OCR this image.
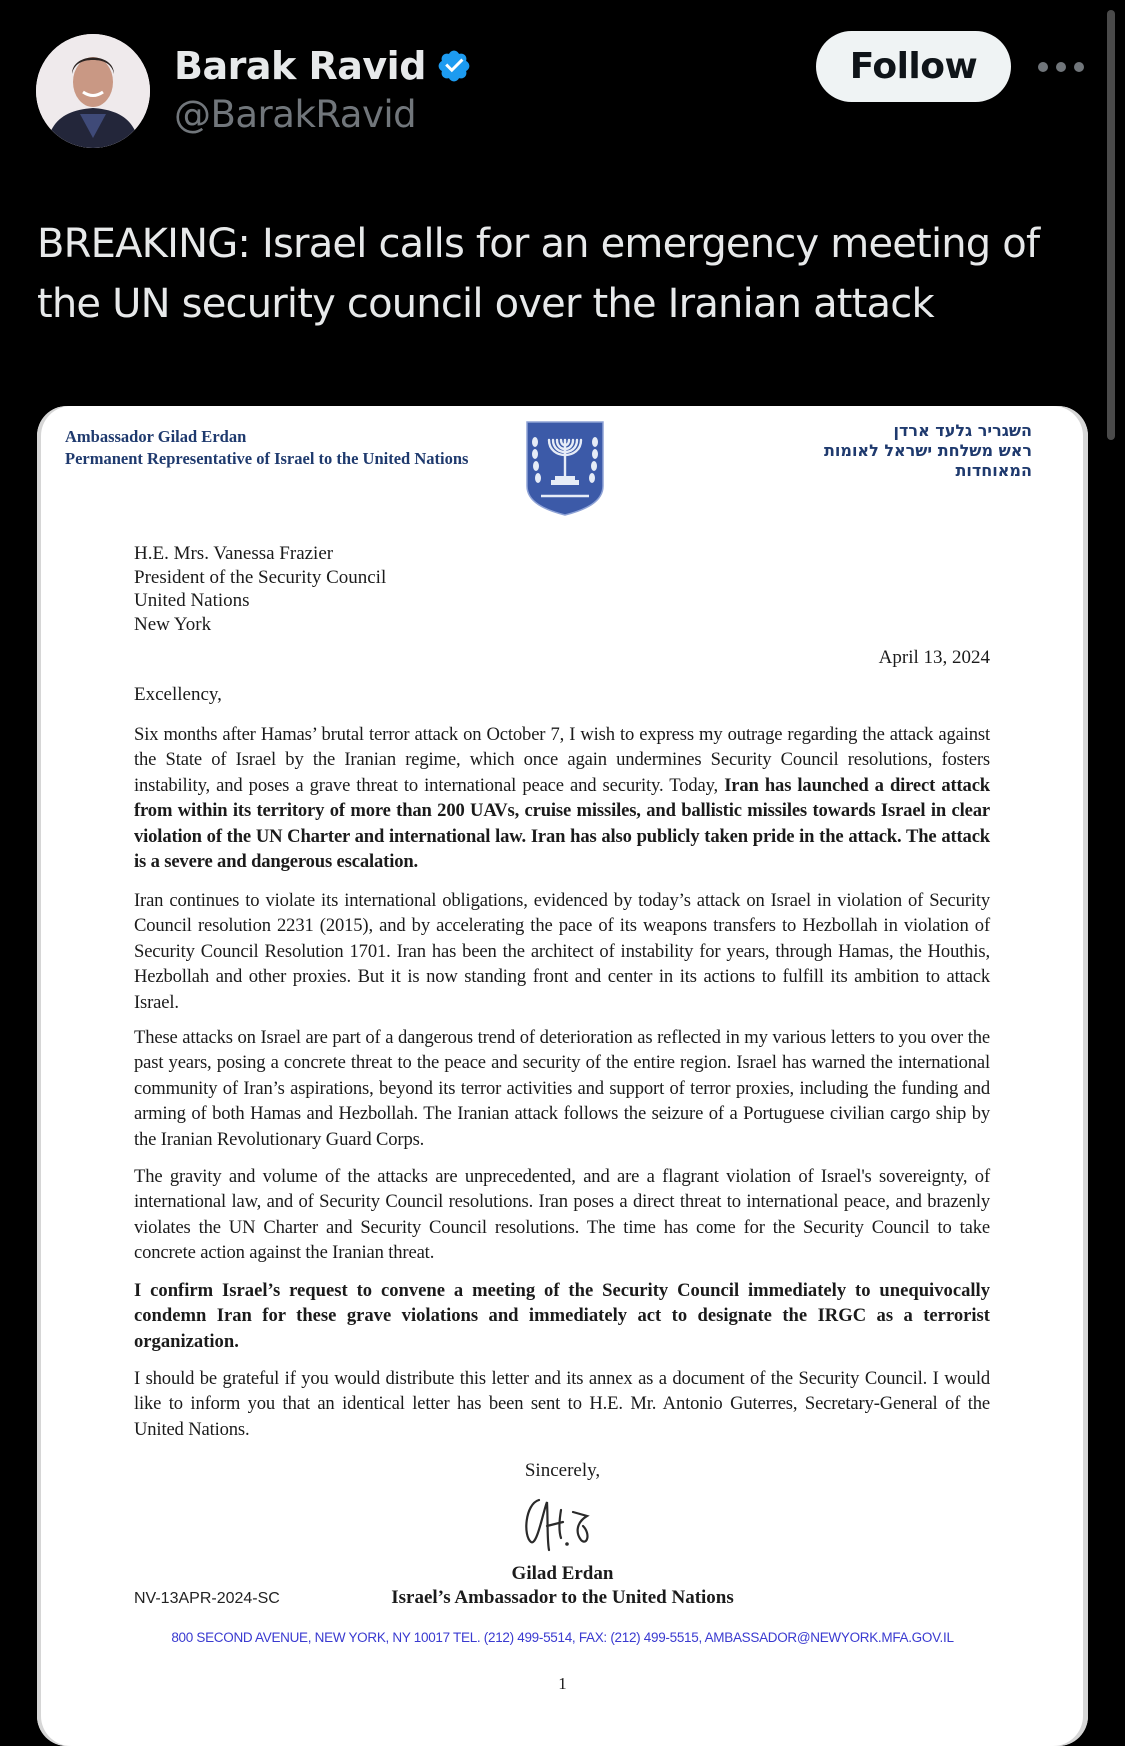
Barak Ravid
@BarakRavid
Follow
BREAKING: Israel calls for an emergency meeting of the UN security council over the Iranian attack
Ambassador Gilad Erdan
Permanent Representative of Israel to the United Nations
השגריר גלעד ארדן
ראש משלחת ישראל לאומות
המאוחדות
H.E. Mrs. Vanessa Frazier
President of the Security Council
United Nations
New York
April 13, 2024
Excellency,
Six months after Hamas’ brutal terror attack on October 7, I wish to express my outrage regarding the attack against the State of Israel by the Iranian regime, which once again undermines Security Council resolutions, fosters instability, and poses a grave threat to international peace and security. Today, Iran has launched a direct attack from within its territory of more than 200 UAVs, cruise missiles, and ballistic missiles towards Israel in clear violation of the UN Charter and international law. Iran has also publicly taken pride in the attack. The attack is a severe and dangerous escalation.
Iran continues to violate its international obligations, evidenced by today’s attack on Israel in violation of Security Council resolution 2231 (2015), and by accelerating the pace of its weapons transfers to Hezbollah in violation of Security Council Resolution 1701. Iran has been the architect of instability for years, through Hamas, the Houthis, Hezbollah and other proxies. But it is now standing front and center in its actions to fulfill its ambition to attack Israel.
These attacks on Israel are part of a dangerous trend of deterioration as reflected in my various letters to you over the past years, posing a concrete threat to the peace and security of the entire region. Israel has warned the international community of Iran’s aspirations, beyond its terror activities and support of terror proxies, including the funding and arming of both Hamas and Hezbollah. The Iranian attack follows the seizure of a Portuguese civilian cargo ship by the Iranian Revolutionary Guard Corps.
The gravity and volume of the attacks are unprecedented, and are a flagrant violation of Israel's sovereignty, of international law, and of Security Council resolutions. Iran poses a direct threat to international peace, and brazenly violates the UN Charter and Security Council resolutions. The time has come for the Security Council to take concrete action against the Iranian threat.
I confirm Israel’s request to convene a meeting of the Security Council immediately to unequivocally condemn Iran for these grave violations and immediately act to designate the IRGC as a terrorist organization.
I should be grateful if you would distribute this letter and its annex as a document of the Security Council. I would like to inform you that an identical letter has been sent to H.E. Mr. Antonio Guterres, Secretary-General of the United Nations.
Sincerely,
Gilad Erdan
NV-13APR-2024-SC	Israel’s Ambassador to the United Nations
800 SECOND AVENUE, NEW YORK, NY 10017 TEL. (212) 499-5514, FAX: (212) 499-5515, AMBASSADOR@NEWYORK.MFA.GOV.IL
1
